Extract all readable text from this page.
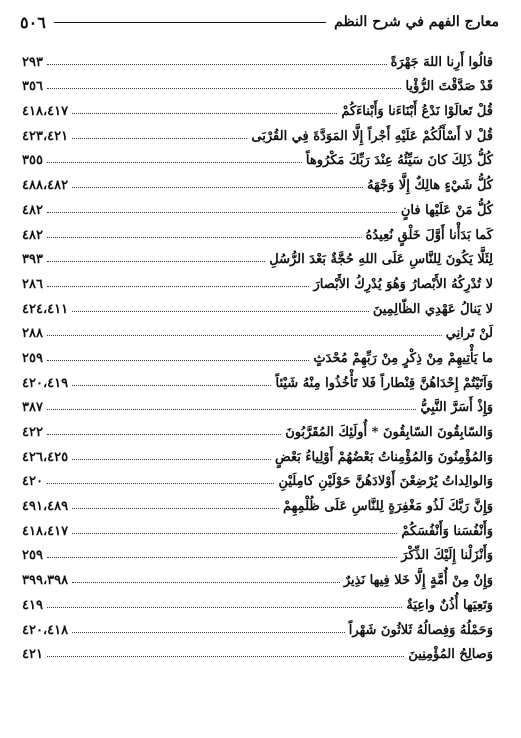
معارج الفهم في شرح النظم
٥٠٦
قالُوا أَرِنا اللهَ جَهْرَةً
٢٩٣
قَدْ صَدَّقْتَ الرُّؤْيا
٣٥٦
قُلْ تَعالَوْا نَدْعُ أَبْنَاءَنا وَأَبْناءَكُمْ
٤١٨،٤١٧
قُلْ لا أَسْأَلُكُمْ عَلَيْهِ أَجْراً إِلَّا المَوَدَّةَ فِي القُرْبَى
٤٢٣،٤٢١
كُلُّ ذَلِكَ كانَ سَيِّئُهُ عِنْدَ رَبِّكَ مَكْرُوهاً
٣٥٥
كُلُّ شَيْءٍ هالِكٌ إِلَّا وَجْهَهُ
٤٨٨،٤٨٢
كُلُّ مَنْ عَلَيْها فانٍ
٤٨٢
كَما بَدَأْنا أَوَّلَ خَلْقٍ نُعِيدُهُ
٤٨٢
لِئَلَّا يَكُونَ لِلنَّاسِ عَلَى اللهِ حُجَّةٌ بَعْدَ الرُّسُلِ
٣٩٣
لا تُدْرِكُهُ الأَبْصارُ وَهُوَ يُدْرِكُ الأَبْصارَ
٢٨٦
لا يَنالُ عَهْدِي الظّالِمِينَ
٤٢٤،٤١١
لَنْ تَرانِي
٢٨٨
ما يَأْتِيهِمْ مِنْ ذِكْرٍ مِنْ رَبِّهِمْ مُحْدَثٍ
٢٥٩
وَآتَيْتُمْ إِحْدَاهُنَّ قِنْطاراً فَلا تَأْخُذُوا مِنْهُ شَيْئاً
٤٢٠،٤١٩
وَإِذْ أَسَرَّ النَّبِيُّ
٣٨٧
وَالسّابِقُونَ السّابِقُونَ * أُولَئِكَ المُقَرَّبُونَ
٤٢٢
وَالمُؤْمِنُونَ وَالمُؤْمِناتُ بَعْضُهُمْ أَوْلِياءُ بَعْضٍ
٤٢٦،٤٢٥
وَالوالِداتُ يُرْضِعْنَ أَوْلادَهُنَّ حَوْلَيْنِ كامِلَيْنِ
٤٢٠
وَإِنَّ رَبَّكَ لَذُو مَغْفِرَةٍ لِلنَّاسِ عَلَى ظُلْمِهِمْ
٤٩١،٤٨٩
وَأَنْفُسَنا وَأَنْفُسَكُمْ
٤١٨،٤١٧
وَأَنْزَلْنا إِلَيْكَ الذِّكْرَ
٢٥٩
وَإِنْ مِنْ أُمَّةٍ إِلَّا خَلا فِيها نَذِيرٌ
٣٩٩،٣٩٨
وَتَعِيَها أُذُنٌ واعِيَةٌ
٤١٩
وَحَمْلُهُ وَفِصالُهُ ثَلاثُونَ شَهْراً
٤٢٠،٤١٨
وَصالِحُ المُؤْمِنِينَ
٤٢١
